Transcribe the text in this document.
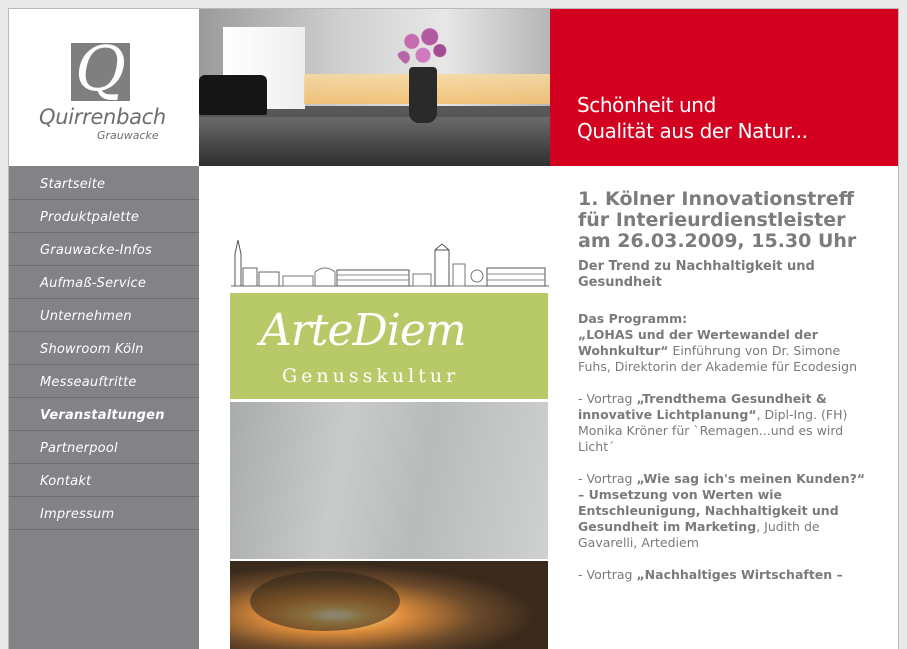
Q
Quirrenbach
Grauwacke
Schönheit und
Qualität aus der Natur...
Startseite
Produktpalette
Grauwacke-Infos
Aufmaß-Service
Unternehmen
Showroom Köln
Messeauftritte
Veranstaltungen
Partnerpool
Kontakt
Impressum
ArteDiem
Genusskultur
1. Kölner Innovationstreff für Interieurdienstleister am 26.03.2009, 15.30 Uhr
Der Trend zu Nachhaltigkeit und Gesundheit
Das Programm:
„LOHAS und der Wertewandel der Wohnkultur“ Einführung von Dr. Simone Fuhs, Direktorin der Akademie für Ecodesign
- Vortrag „Trendthema Gesundheit & innovative Lichtplanung“, Dipl-Ing. (FH) Monika Kröner für `Remagen...und es wird Licht´
- Vortrag „Wie sag ich's meinen Kunden?“ – Umsetzung von Werten wie Entschleunigung, Nachhaltigkeit und Gesundheit im Marketing, Judith de Gavarelli, Artediem
- Vortrag „Nachhaltiges Wirtschaften –
